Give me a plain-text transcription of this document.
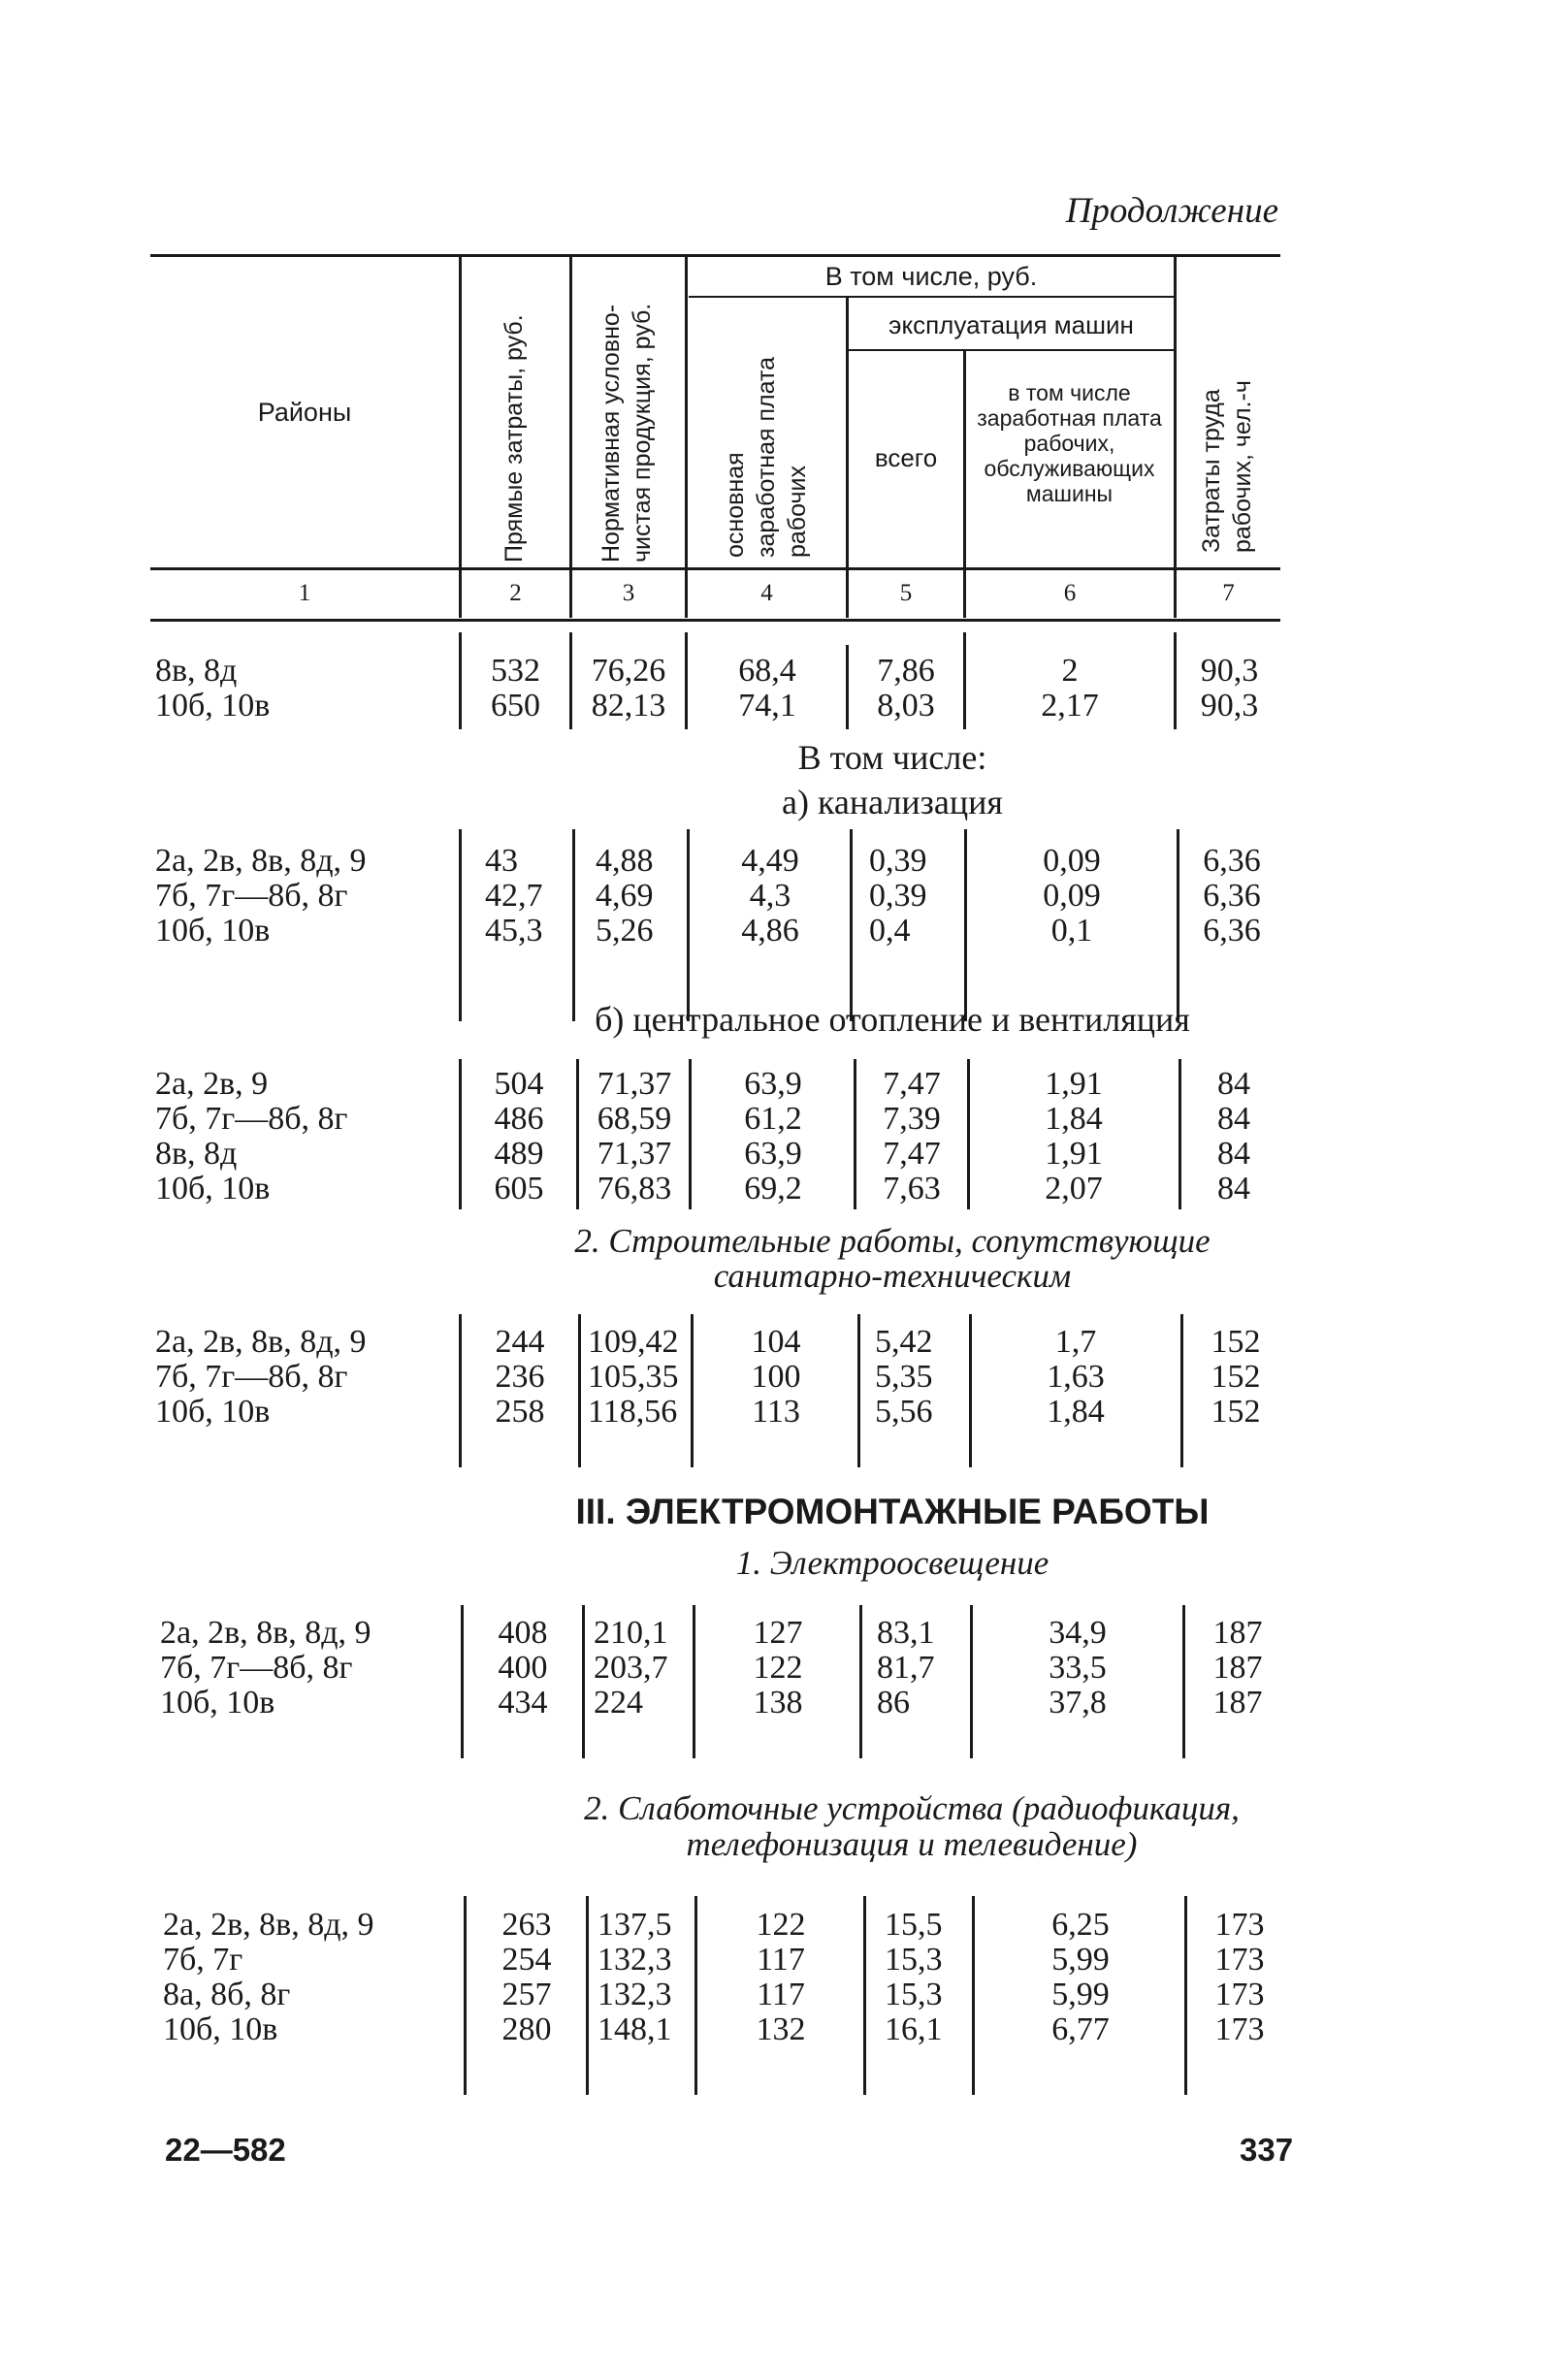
Продолжение
Районы	Прямые затраты, руб.	Нормативная условно-чистая продукция, руб.
В том числе, руб.
основная заработная плата рабочих
эксплуатация машин
всего
в том числе заработная плата рабочих, обслуживающих машины	Затраты труда рабочих, чел.-ч
1	2	3	4	5	6	7
8в, 8д	532	76,26	68,4	7,86	2	90,3
10б, 10в	650	82,13	74,1	8,03	2,17	90,3
В том числе:
а) канализация
2а, 2в, 8в, 8д, 9	43	4,88	4,49	0,39	0,09	6,36
7б, 7г—8б, 8г	42,7	4,69	4,3	0,39	0,09	6,36
10б, 10в	45,3	5,26	4,86	0,4	0,1	6,36
б) центральное отопление и вентиляция
2а, 2в, 9	504	71,37	63,9	7,47	1,91	84
7б, 7г—8б, 8г	486	68,59	61,2	7,39	1,84	84
8в, 8д	489	71,37	63,9	7,47	1,91	84
10б, 10в	605	76,83	69,2	7,63	2,07	84
2. Строительные работы, сопутствующие
санитарно-техническим
2а, 2в, 8в, 8д, 9	244	109,42	104	5,42	1,7	152
7б, 7г—8б, 8г	236	105,35	100	5,35	1,63	152
10б, 10в	258	118,56	113	5,56	1,84	152
III. ЭЛЕКТРОМОНТАЖНЫЕ РАБОТЫ
1. Электроосвещение
2а, 2в, 8в, 8д, 9	408	210,1	127	83,1	34,9	187
7б, 7г—8б, 8г	400	203,7	122	81,7	33,5	187
10б, 10в	434	224	138	86	37,8	187
2. Слаботочные устройства (радиофикация,
телефонизация и телевидение)
2а, 2в, 8в, 8д, 9	263	137,5	122	15,5	6,25	173
7б, 7г	254	132,3	117	15,3	5,99	173
8а, 8б, 8г	257	132,3	117	15,3	5,99	173
10б, 10в	280	148,1	132	16,1	6,77	173
22—582	337
